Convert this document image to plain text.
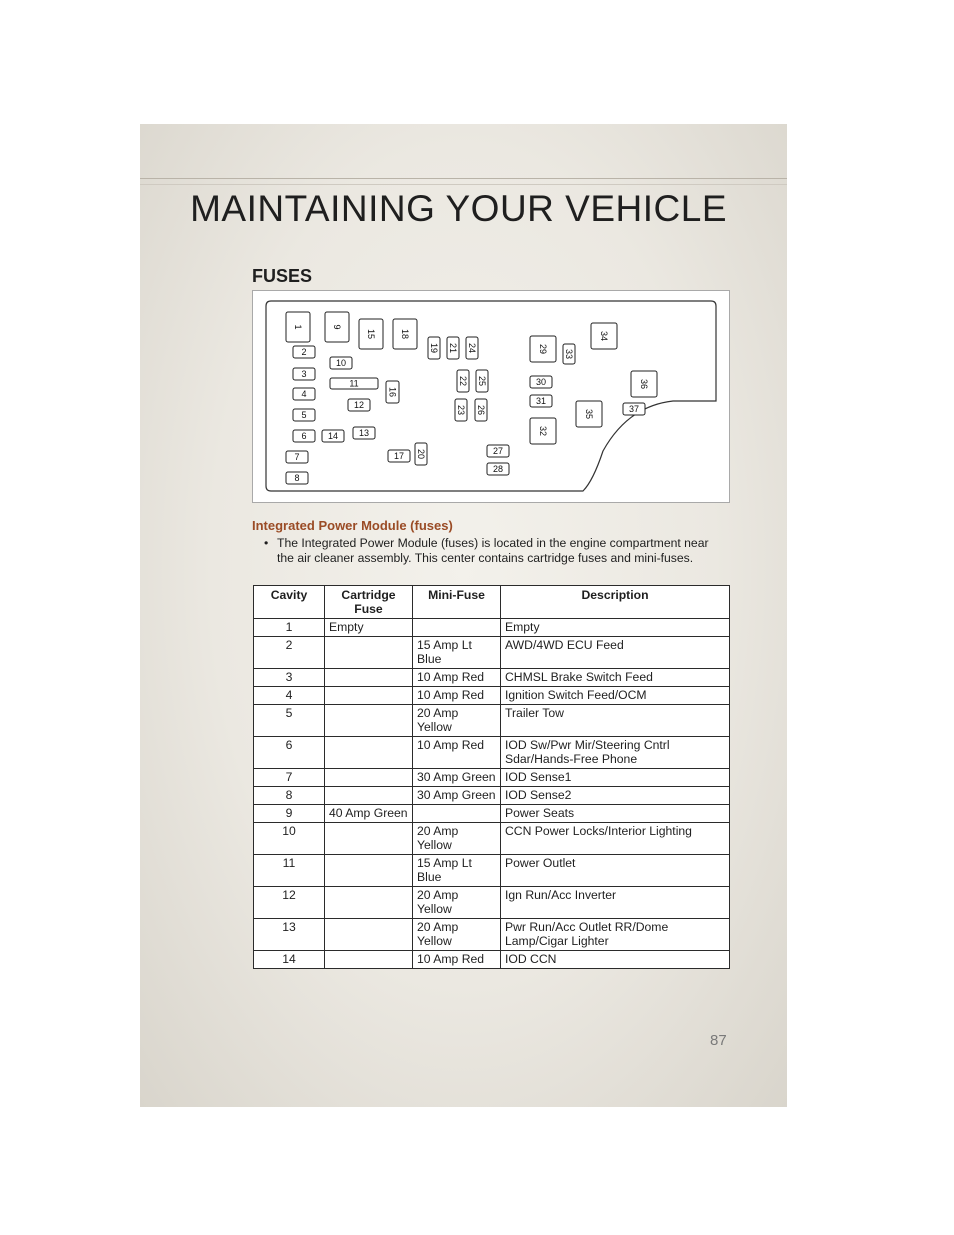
MAINTAINING YOUR VEHICLE
FUSES
1	9
15	18
2
3
4
5
6
7
8
10
11
12
13
14
16
17 20
19 21 24
22 25
23 26
27
28
29 33
34
30
31
32
35
36
37
Integrated Power Module (fuses)
• The Integrated Power Module (fuses) is located in the engine compartment near the air cleaner assembly. This center contains cartridge fuses and mini-fuses.
Cavity	Cartridge Fuse	Mini-Fuse	Description
1	Empty		Empty
2		15 Amp Lt Blue	AWD/4WD ECU Feed
3		10 Amp Red	CHMSL Brake Switch Feed
4		10 Amp Red	Ignition Switch Feed/OCM
5		20 Amp Yellow	Trailer Tow
6		10 Amp Red	IOD Sw/Pwr Mir/Steering Cntrl Sdar/Hands-Free Phone
7		30 Amp Green	IOD Sense1
8		30 Amp Green	IOD Sense2
9	40 Amp Green		Power Seats
10		20 Amp Yellow	CCN Power Locks/Interior Lighting
11		15 Amp Lt Blue	Power Outlet
12		20 Amp Yellow	Ign Run/Acc Inverter
13		20 Amp Yellow	Pwr Run/Acc Outlet RR/Dome Lamp/Cigar Lighter
14		10 Amp Red	IOD CCN
87
